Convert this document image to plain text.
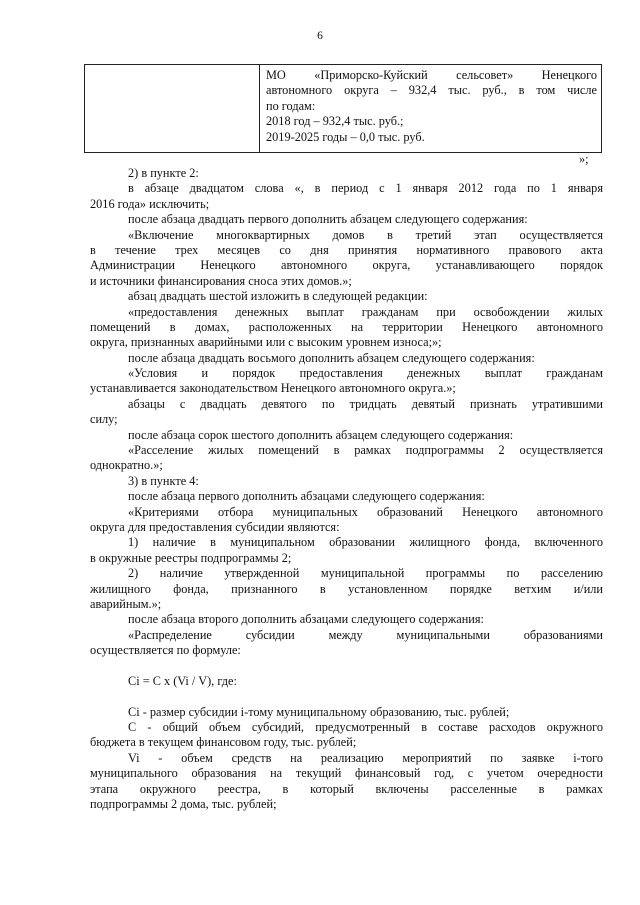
6
МО «Приморско-Куйский сельсовет» Ненецкого
автономного округа – 932,4 тыс. руб., в том числе
по годам:
2018 год – 932,4 тыс. руб.;
2019-2025 годы – 0,0 тыс. руб.
»;
2) в пункте 2:
в абзаце двадцатом слова «, в период с 1 января 2012 года по 1 января
2016 года» исключить;
после абзаца двадцать первого дополнить абзацем следующего содержания:
«Включение многоквартирных домов в третий этап осуществляется
в течение трех месяцев со дня принятия нормативного правового акта
Администрации Ненецкого автономного округа, устанавливающего порядок
и источники финансирования сноса этих домов.»;
абзац двадцать шестой изложить в следующей редакции:
«предоставления денежных выплат гражданам при освобождении жилых
помещений в домах, расположенных на территории Ненецкого автономного
округа, признанных аварийными или с высоким уровнем износа;»;
после абзаца двадцать восьмого дополнить абзацем следующего содержания:
«Условия и порядок предоставления денежных выплат гражданам
устанавливается законодательством Ненецкого автономного округа.»;
абзацы с двадцать девятого по тридцать девятый признать утратившими
силу;
после абзаца сорок шестого дополнить абзацем следующего содержания:
«Расселение жилых помещений в рамках подпрограммы 2 осуществляется
однократно.»;
3) в пункте 4:
после абзаца первого дополнить абзацами следующего содержания:
«Критериями отбора муниципальных образований Ненецкого автономного
округа для предоставления субсидии являются:
1) наличие в муниципальном образовании жилищного фонда, включенного
в окружные реестры подпрограммы 2;
2) наличие утвержденной муниципальной программы по расселению
жилищного фонда, признанного в установленном порядке ветхим и/или
аварийным.»;
после абзаца второго дополнить абзацами следующего содержания:
«Распределение субсидии между муниципальными образованиями
осуществляется по формуле:
Ci = C x (Vi / V), где:
Ci - размер субсидии i-тому муниципальному образованию, тыс. рублей;
C - общий объем субсидий, предусмотренный в составе расходов окружного
бюджета в текущем финансовом году, тыс. рублей;
Vi - объем средств на реализацию мероприятий по заявке i-того
муниципального образования на текущий финансовый год, с учетом очередности
этапа окружного реестра, в который включены расселенные в рамках
подпрограммы 2 дома, тыс. рублей;
